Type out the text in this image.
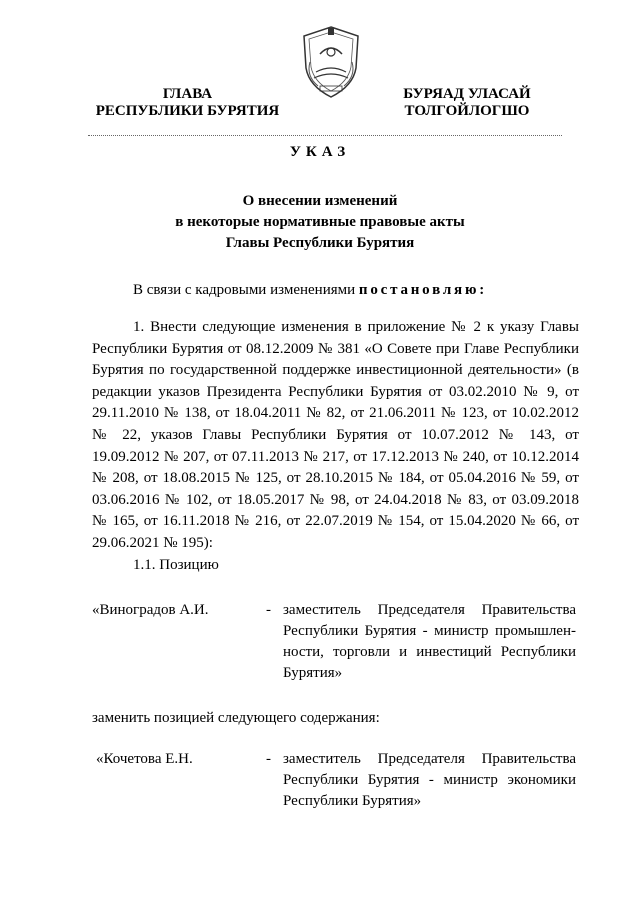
ГЛАВА
РЕСПУБЛИКИ БУРЯТИЯ
БУРЯАД УЛАСАЙ
ТОЛГОЙЛОГШО
УКАЗ
О внесении изменений
в некоторые нормативные правовые акты
Главы Республики Бурятия
В связи с кадровыми изменениями постановляю:
1. Внести следующие изменения в приложение № 2 к указу Главы
Республики Бурятия от 08.12.2009 № 381 «О Совете при Главе Республики
Бурятия по государственной поддержке инвестиционной деятельности» (в
редакции указов Президента Республики Бурятия от 03.02.2010 № 9, от
29.11.2010 № 138, от 18.04.2011 № 82, от 21.06.2011 № 123, от 10.02.2012
№ 22, указов Главы Республики Бурятия от 10.07.2012 № 143, от
19.09.2012 № 207, от 07.11.2013 № 217, от 17.12.2013 № 240, от 10.12.2014
№ 208, от 18.08.2015 № 125, от 28.10.2015 № 184, от 05.04.2016 № 59, от
03.06.2016 № 102, от 18.05.2017 № 98, от 24.04.2018 № 83, от 03.09.2018
№ 165, от 16.11.2018 № 216, от 22.07.2019 № 154, от 15.04.2020 № 66, от
29.06.2021 № 195):
1.1. Позицию
«Виноградов А.И.	- заместитель Председателя Правительства
Республики Бурятия - министр промышлен-
ности, торговли и инвестиций Республики
Бурятия»
заменить позицией следующего содержания:
«Кочетова Е.Н.	- заместитель Председателя Правительства
Республики Бурятия - министр экономики
Республики Бурятия»
